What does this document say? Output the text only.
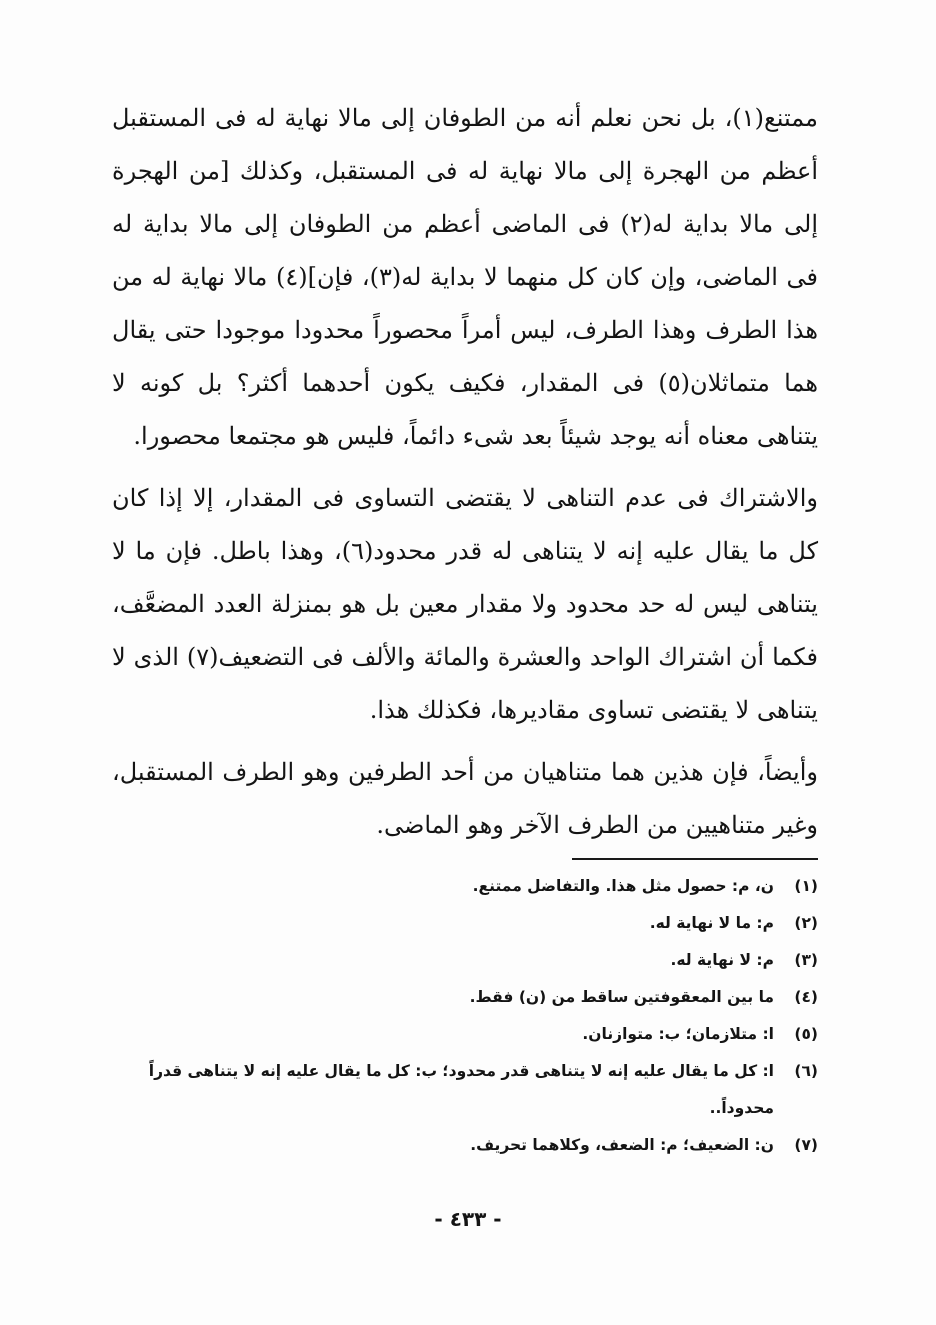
ممتنع(١)، بل نحن نعلم أنه من الطوفان إلى مالا نهاية له فى المستقبل أعظم من الهجرة إلى مالا نهاية له فى المستقبل، وكذلك [من الهجرة إلى مالا بداية له(٢) فى الماضى أعظم من الطوفان إلى مالا بداية له فى الماضى، وإن كان كل منهما لا بداية له(٣)، فإن](٤) مالا نهاية له من هذا الطرف وهذا الطرف، ليس أمراً محصوراً محدودا موجودا حتى يقال هما متماثلان(٥) فى المقدار، فكيف يكون أحدهما أكثر؟ بل كونه لا يتناهى معناه أنه يوجد شيئاً بعد شىء دائماً، فليس هو مجتمعا محصورا.

والاشتراك فى عدم التناهى لا يقتضى التساوى فى المقدار، إلا إذا كان كل ما يقال عليه إنه لا يتناهى له قدر محدود(٦)، وهذا باطل. فإن ما لا يتناهى ليس له حد محدود ولا مقدار معين بل هو بمنزلة العدد المضعَّف، فكما أن اشتراك الواحد والعشرة والمائة والألف فى التضعيف(٧) الذى لا يتناهى لا يقتضى تساوى مقاديرها، فكذلك هذا.

وأيضاً، فإن هذين هما متناهيان من أحد الطرفين وهو الطرف المستقبل، وغير متناهيين من الطرف الآخر وهو الماضى.

(١)
ن، م: حصول مثل هذا. والتفاضل ممتنع.
(٢)
م: ما لا نهاية له.
(٣)
م: لا نهاية له.
(٤)
ما بين المعقوفتين ساقط من (ن) فقط.
(٥)
ا: متلازمان؛ ب: متوازنان.
(٦)
ا: كل ما يقال عليه إنه لا يتناهى قدر محدود؛ ب: كل ما يقال عليه إنه لا يتناهى قدراً محدوداً..
(٧)
ن: الضعيف؛ م: الضعف، وكلاهما تحريف.
- ٤٣٣ -
